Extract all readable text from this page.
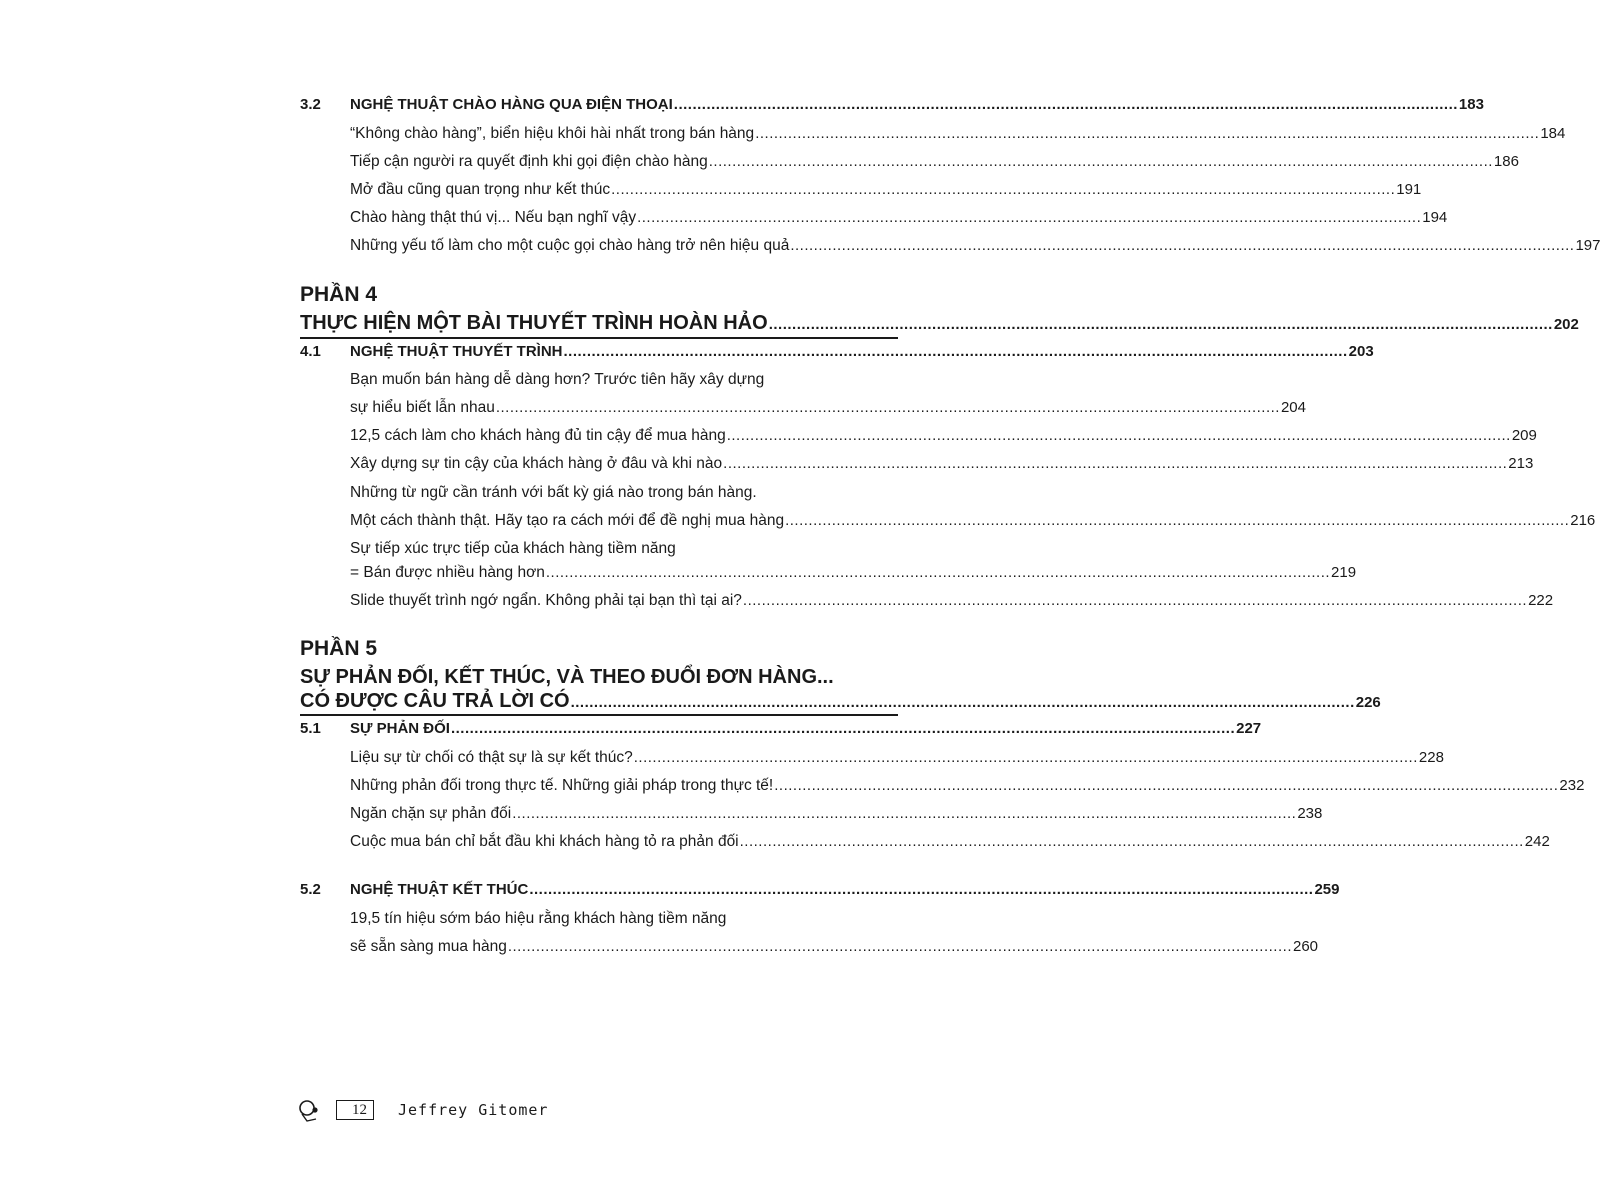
3.2	NGHỆ THUẬT CHÀO HÀNG QUA ĐIỆN THOẠI ........................................................................................................................................................................ 183
“Không chào hàng”, biển hiệu khôi hài nhất trong bán hàng ........................................................................................................................................................................ 184
Tiếp cận người ra quyết định khi gọi điện chào hàng ........................................................................................................................................................................ 186
Mở đầu cũng quan trọng như kết thúc ........................................................................................................................................................................ 191
Chào hàng thật thú vị... Nếu bạn nghĩ vậy ........................................................................................................................................................................ 194
Những yếu tố làm cho một cuộc gọi chào hàng trở nên hiệu quả ........................................................................................................................................................................ 197
PHẦN 4
THỰC HIỆN MỘT BÀI THUYẾT TRÌNH HOÀN HẢO ........................................................................................................................................................................ 202
4.1	NGHỆ THUẬT THUYẾT TRÌNH ........................................................................................................................................................................ 203
Bạn muốn bán hàng dễ dàng hơn? Trước tiên hãy xây dựng
sự hiểu biết lẫn nhau ........................................................................................................................................................................ 204
12,5 cách làm cho khách hàng đủ tin cậy để mua hàng ........................................................................................................................................................................ 209
Xây dựng sự tin cậy của khách hàng ở đâu và khi nào ........................................................................................................................................................................ 213
Những từ ngữ cần tránh với bất kỳ giá nào trong bán hàng.
Một cách thành thật. Hãy tạo ra cách mới để đề nghị mua hàng ........................................................................................................................................................................ 216
Sự tiếp xúc trực tiếp của khách hàng tiềm năng
= Bán được nhiều hàng hơn ........................................................................................................................................................................ 219
Slide thuyết trình ngớ ngẩn. Không phải tại bạn thì tại ai? ........................................................................................................................................................................ 222
PHẦN 5
SỰ PHẢN ĐỐI, KẾT THÚC, VÀ THEO ĐUỔI ĐƠN HÀNG...
CÓ ĐƯỢC CÂU TRẢ LỜI CÓ ........................................................................................................................................................................ 226
5.1	SỰ PHẢN ĐỐI ........................................................................................................................................................................ 227
Liệu sự từ chối có thật sự là sự kết thúc? ........................................................................................................................................................................ 228
Những phản đối trong thực tế. Những giải pháp trong thực tế! ........................................................................................................................................................................ 232
Ngăn chặn sự phản đối ........................................................................................................................................................................ 238
Cuộc mua bán chỉ bắt đầu khi khách hàng tỏ ra phản đối ........................................................................................................................................................................ 242
5.2	NGHỆ THUẬT KẾT THÚC ........................................................................................................................................................................ 259
19,5 tín hiệu sớm báo hiệu rằng khách hàng tiềm năng
sẽ sẵn sàng mua hàng ........................................................................................................................................................................ 260
12 Jeffrey Gitomer
